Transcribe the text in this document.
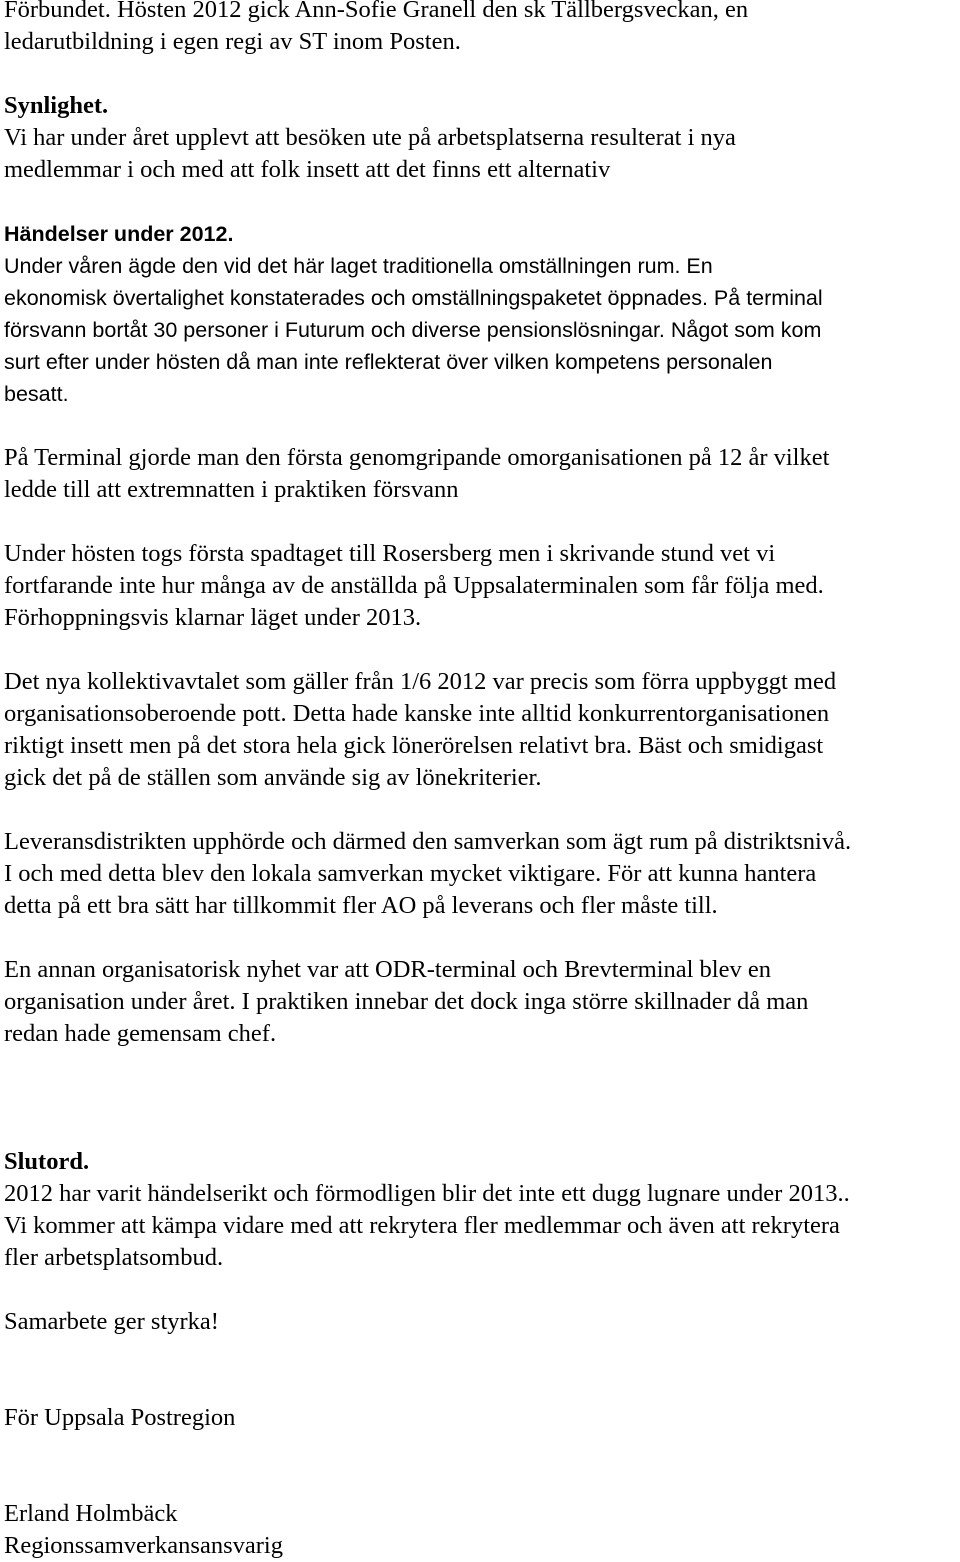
Förbundet. Hösten 2012 gick Ann-Sofie Granell den sk Tällbergsveckan, en
ledarutbildning i egen regi av ST inom Posten.
Synlighet.
Vi har under året upplevt att besöken ute på arbetsplatserna resulterat i nya
medlemmar i och med att folk insett att det finns ett alternativ
Händelser under 2012.
Under våren ägde den vid det här laget traditionella omställningen rum. En
ekonomisk övertalighet konstaterades och omställningspaketet öppnades. På terminal
försvann bortåt 30 personer i Futurum och diverse pensionslösningar. Något som kom
surt efter under hösten då man inte reflekterat över vilken kompetens personalen
besatt.
På Terminal gjorde man den första genomgripande omorganisationen på 12 år vilket
ledde till att extremnatten i praktiken försvann
Under hösten togs första spadtaget till Rosersberg men i skrivande stund vet vi
fortfarande inte hur många av de anställda på Uppsalaterminalen som får följa med.
Förhoppningsvis klarnar läget under 2013.
Det nya kollektivavtalet som gäller från 1/6 2012 var precis som förra uppbyggt med
organisationsoberoende pott. Detta hade kanske inte alltid konkurrentorganisationen
riktigt insett men på det stora hela gick lönerörelsen relativt bra. Bäst och smidigast
gick det på de ställen som använde sig av lönekriterier.
Leveransdistrikten upphörde och därmed den samverkan som ägt rum på distriktsnivå.
I och med detta blev den lokala samverkan mycket viktigare. För att kunna hantera
detta på ett bra sätt har tillkommit fler AO på leverans och fler måste till.
En annan organisatorisk nyhet var att ODR-terminal och Brevterminal blev en
organisation under året. I praktiken innebar det dock inga större skillnader då man
redan hade gemensam chef.
Slutord.
2012 har varit händelserikt och förmodligen blir det inte ett dugg lugnare under 2013..
Vi kommer att kämpa vidare med att rekrytera fler medlemmar och även att rekrytera
fler arbetsplatsombud.
Samarbete ger styrka!
För Uppsala Postregion
Erland Holmbäck
Regionssamverkansansvarig
